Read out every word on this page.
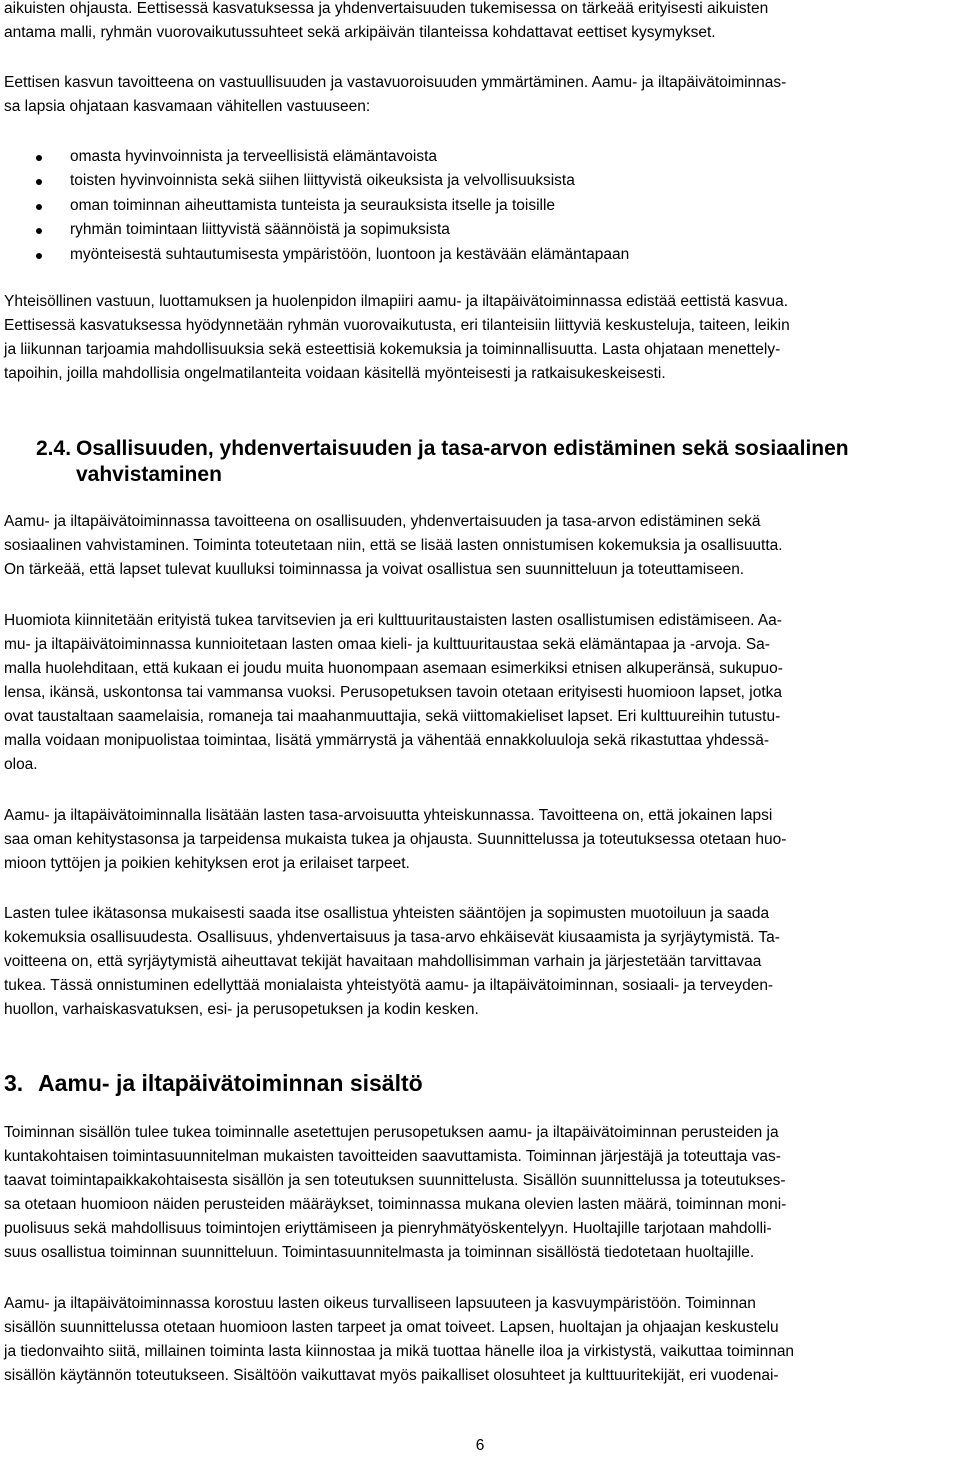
aikuisten ohjausta. Eettisessä kasvatuksessa ja yhdenvertaisuuden tukemisessa on tärkeää erityisesti aikuisten
antama malli, ryhmän vuorovaikutussuhteet sekä arkipäivän tilanteissa kohdattavat eettiset kysymykset.
Eettisen kasvun tavoitteena on vastuullisuuden ja vastavuoroisuuden ymmärtäminen. Aamu- ja iltapäivätoiminnas-
sa lapsia ohjataan kasvamaan vähitellen vastuuseen:
omasta hyvinvoinnista ja terveellisistä elämäntavoista
toisten hyvinvoinnista sekä siihen liittyvistä oikeuksista ja velvollisuuksista
oman toiminnan aiheuttamista tunteista ja seurauksista itselle ja toisille
ryhmän toimintaan liittyvistä säännöistä ja sopimuksista
myönteisestä suhtautumisesta ympäristöön, luontoon ja kestävään elämäntapaan
Yhteisöllinen vastuun, luottamuksen ja huolenpidon ilmapiiri aamu- ja iltapäivätoiminnassa edistää eettistä kasvua.
Eettisessä kasvatuksessa hyödynnetään ryhmän vuorovaikutusta, eri tilanteisiin liittyviä keskusteluja, taiteen, leikin
ja liikunnan tarjoamia mahdollisuuksia sekä esteettisiä kokemuksia ja toiminnallisuutta. Lasta ohjataan menettely-
tapoihin, joilla mahdollisia ongelmatilanteita voidaan käsitellä myönteisesti ja ratkaisukeskeisesti.
2.4. Osallisuuden, yhdenvertaisuuden ja tasa-arvon edistäminen sekä sosiaalinen
vahvistaminen
Aamu- ja iltapäivätoiminnassa tavoitteena on osallisuuden, yhdenvertaisuuden ja tasa-arvon edistäminen sekä
sosiaalinen vahvistaminen. Toiminta toteutetaan niin, että se lisää lasten onnistumisen kokemuksia ja osallisuutta.
On tärkeää, että lapset tulevat kuulluksi toiminnassa ja voivat osallistua sen suunnitteluun ja toteuttamiseen.
Huomiota kiinnitetään erityistä tukea tarvitsevien ja eri kulttuuritaustaisten lasten osallistumisen edistämiseen. Aa-
mu- ja iltapäivätoiminnassa kunnioitetaan lasten omaa kieli- ja kulttuuritaustaa sekä elämäntapaa ja -arvoja. Sa-
malla huolehditaan, että kukaan ei joudu muita huonompaan asemaan esimerkiksi etnisen alkuperänsä, sukupuo-
lensa, ikänsä, uskontonsa tai vammansa vuoksi. Perusopetuksen tavoin otetaan erityisesti huomioon lapset, jotka
ovat taustaltaan saamelaisia, romaneja tai maahanmuuttajia, sekä viittomakieliset lapset. Eri kulttuureihin tutustu-
malla voidaan monipuolistaa toimintaa, lisätä ymmärrystä ja vähentää ennakkoluuloja sekä rikastuttaa yhdessä-
oloa.
Aamu- ja iltapäivätoiminnalla lisätään lasten tasa-arvoisuutta yhteiskunnassa. Tavoitteena on, että jokainen lapsi
saa oman kehitystasonsa ja tarpeidensa mukaista tukea ja ohjausta. Suunnittelussa ja toteutuksessa otetaan huo-
mioon tyttöjen ja poikien kehityksen erot ja erilaiset tarpeet.
Lasten tulee ikätasonsa mukaisesti saada itse osallistua yhteisten sääntöjen ja sopimusten muotoiluun ja saada
kokemuksia osallisuudesta. Osallisuus, yhdenvertaisuus ja tasa-arvo ehkäisevät kiusaamista ja syrjäytymistä. Ta-
voitteena on, että syrjäytymistä aiheuttavat tekijät havaitaan mahdollisimman varhain ja järjestetään tarvittavaa
tukea. Tässä onnistuminen edellyttää monialaista yhteistyötä aamu- ja iltapäivätoiminnan, sosiaali- ja terveyden-
huollon, varhaiskasvatuksen, esi- ja perusopetuksen ja kodin kesken.
3. Aamu- ja iltapäivätoiminnan sisältö
Toiminnan sisällön tulee tukea toiminnalle asetettujen perusopetuksen aamu- ja iltapäivätoiminnan perusteiden ja
kuntakohtaisen toimintasuunnitelman mukaisten tavoitteiden saavuttamista. Toiminnan järjestäjä ja toteuttaja vas-
taavat toimintapaikkakohtaisesta sisällön ja sen toteutuksen suunnittelusta. Sisällön suunnittelussa ja toteutukses-
sa otetaan huomioon näiden perusteiden määräykset, toiminnassa mukana olevien lasten määrä, toiminnan moni-
puolisuus sekä mahdollisuus toimintojen eriyttämiseen ja pienryhmätyöskentelyyn. Huoltajille tarjotaan mahdolli-
suus osallistua toiminnan suunnitteluun. Toimintasuunnitelmasta ja toiminnan sisällöstä tiedotetaan huoltajille.
Aamu- ja iltapäivätoiminnassa korostuu lasten oikeus turvalliseen lapsuuteen ja kasvuympäristöön. Toiminnan
sisällön suunnittelussa otetaan huomioon lasten tarpeet ja omat toiveet. Lapsen, huoltajan ja ohjaajan keskustelu
ja tiedonvaihto siitä, millainen toiminta lasta kiinnostaa ja mikä tuottaa hänelle iloa ja virkistystä, vaikuttaa toiminnan
sisällön käytännön toteutukseen. Sisältöön vaikuttavat myös paikalliset olosuhteet ja kulttuuritekijät, eri vuodenai-
6
